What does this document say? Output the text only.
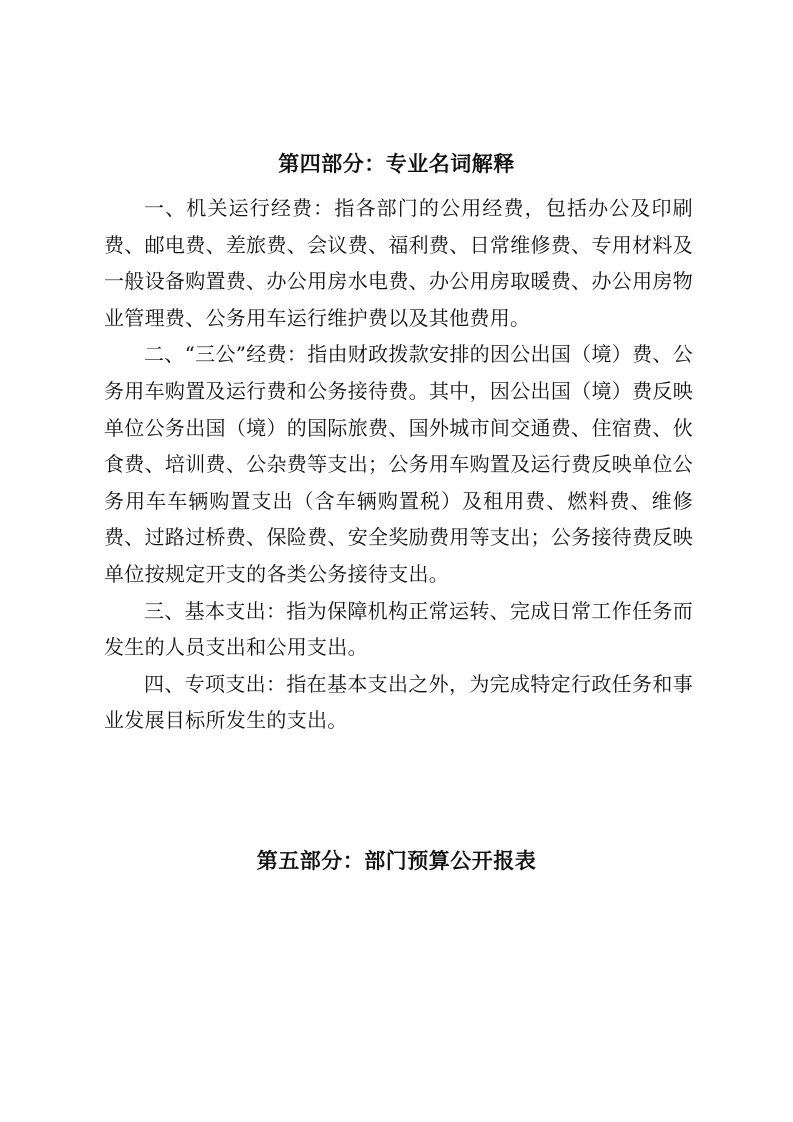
第四部分：专业名词解释

一、机关运行经费：指各部门的公用经费，包括办公及印刷费、邮电费、差旅费、会议费、福利费、日常维修费、专用材料及一般设备购置费、办公用房水电费、办公用房取暖费、办公用房物业管理费、公务用车运行维护费以及其他费用。

二、“三公”经费：指由财政拨款安排的因公出国（境）费、公务用车购置及运行费和公务接待费。其中，因公出国（境）费反映单位公务出国（境）的国际旅费、国外城市间交通费、住宿费、伙食费、培训费、公杂费等支出；公务用车购置及运行费反映单位公务用车车辆购置支出（含车辆购置税）及租用费、燃料费、维修费、过路过桥费、保险费、安全奖励费用等支出；公务接待费反映单位按规定开支的各类公务接待支出。

三、基本支出：指为保障机构正常运转、完成日常工作任务而发生的人员支出和公用支出。

四、专项支出：指在基本支出之外，为完成特定行政任务和事业发展目标所发生的支出。

第五部分：部门预算公开报表
